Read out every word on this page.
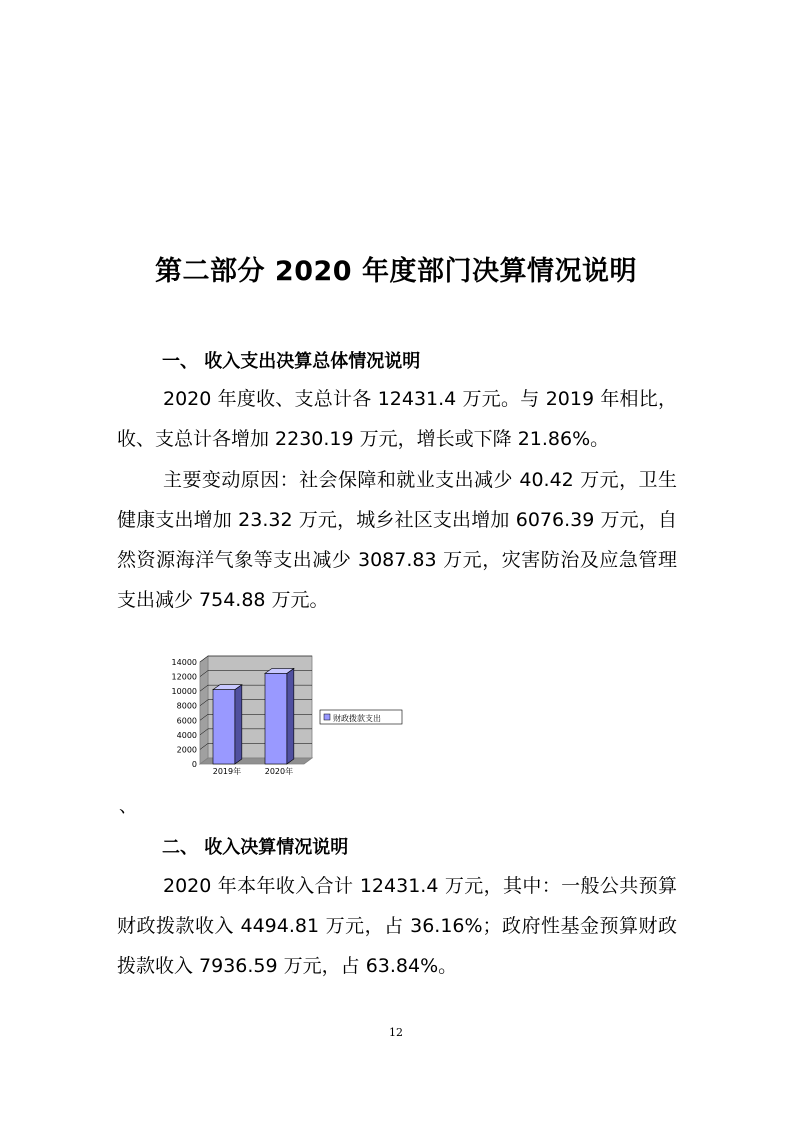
第二部分 2020 年度部门决算情况说明
一、 收入支出决算总体情况说明
2020 年度收、支总计各 12431.4 万元。与 2019 年相比，收、支总计各增加 2230.19 万元，增长或下降 21.86%。
主要变动原因：社会保障和就业支出减少 40.42 万元，卫生健康支出增加 23.32 万元，城乡社区支出增加 6076.39 万元，自然资源海洋气象等支出减少 3087.83 万元，灾害防治及应急管理支出减少 754.88 万元。
0
2000
4000
6000
8000
10000
12000
14000
2019年	2020年
财政拨款支出
、
二、 收入决算情况说明
2020 年本年收入合计 12431.4 万元，其中：一般公共预算财政拨款收入 4494.81 万元，占 36.16%；政府性基金预算财政拨款收入 7936.59 万元，占 63.84%。
12
